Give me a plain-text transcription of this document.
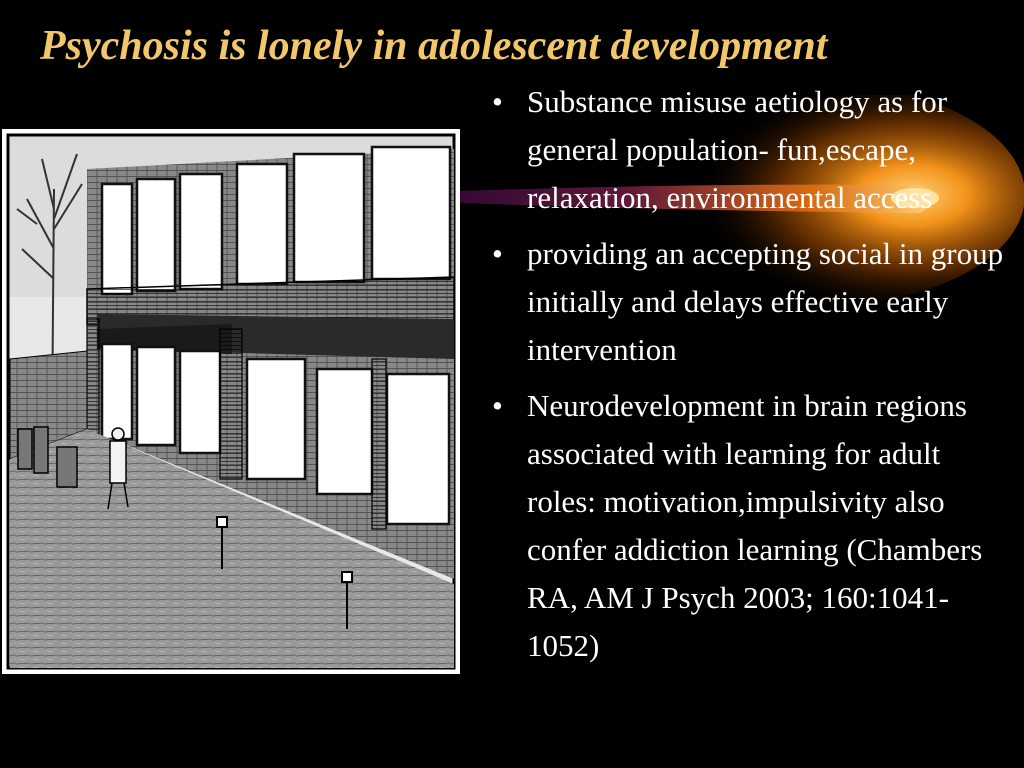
Psychosis is lonely in adolescent development
• Substance misuse aetiology as for general population- fun,escape, relaxation, environmental access
• providing an accepting social in group initially and delays effective early intervention
• Neurodevelopment in brain regions associated with learning for adult roles: motivation,impulsivity also confer addiction learning (Chambers RA, AM J Psych 2003; 160:1041-1052)
